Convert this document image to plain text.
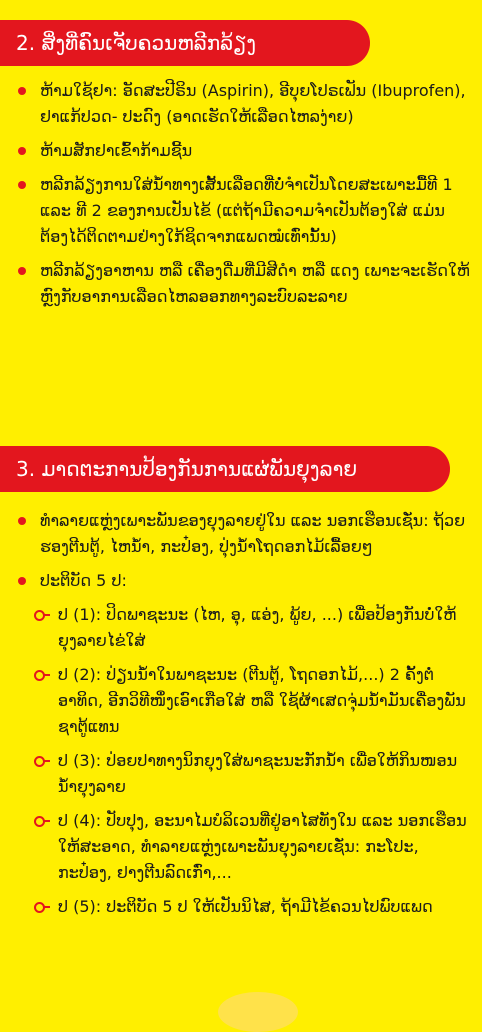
2. ສິ່ງທີ່ຄົນເຈັບຄວນຫລີກລ້ຽງ
ຫ້າມໃຊ້ຢາ: ອັດສະປີຣິນ (Aspirin), ອີບຸຍໂປຣເຟັນ (Ibuprofen), ຢາແກ້ປວດ- ປະດົງ (ອາດເຮັດໃຫ້ເລືອດໄຫລງ່າຍ)
ຫ້າມສັກຢາເຂົ້າກ້າມຊີ້ນ
ຫລີກລ້ຽງການໃສ່ນ້ຳທາງເສັ້ນເລືອດທີ່ບໍ່ຈຳເປັນໂດຍສະເພາະມື້ທີ 1 ແລະ ທີ 2 ຂອງການເປັນໄຂ້ (ແຕ່ຖ້າມີຄວາມຈຳເປັນຕ້ອງໃສ່ ແມ່ນຕ້ອງໄດ້ຕິດຕາມຢ່າງໃກ້ຊິດຈາກແພດໝໍເທົ່ານັ້ນ)
ຫລີກລ້ຽງອາຫານ ຫລື ເຄື່ອງດື່ມທີ່ມີສີດຳ ຫລື ແດງ ເພາະຈະເຮັດໃຫ້ຫຼົງກັບອາການເລືອດໄຫລອອກທາງລະບົບລະລາຍ
3. ມາດຕະການປ້ອງກັນການແຜ່ພັນຍຸງລາຍ
ທຳລາຍແຫຼ່ງເພາະພັນຂອງຍຸງລາຍຢູ່ໃນ ແລະ ນອກເຮືອນເຊັ່ນ: ຖ້ວຍຮອງຕີນຕູ້, ໄຫນ້ຳ, ກະປ໋ອງ, ປຸ່ງນ້ຳໂຖດອກໄມ້ເລື້ອຍໆ
ປະຕິບັດ 5 ປ:
ປ (1): ປິດພາຊະນະ (ໄຫ, ອຸ, ແອ່ງ, ພູ້ຍ, ...) ເພື່ອປ້ອງກັນບໍ່ໃຫ້ຍຸງລາຍໄຂ່ໃສ່
ປ (2): ປ່ຽນນ້ຳໃນພາຊະນະ (ຕີນຕູ້, ໂຖດອກໄມ້,...) 2 ຄັ້ງຕໍ່ອາທິດ, ອີກວິທີໜຶ່ງເອົາເກືອໃສ່ ຫລື ໃຊ້ຜ້າເສດຈຸ່ມນ້ຳມັນເຄື່ອງພັນຊາຕູ້ແທນ
ປ (3): ປ່ອຍປາທາງນິກຍຸງໃສ່ພາຊະນະກັກນ້ຳ ເພື່ອໃຫ້ກິນໜອນນ້ຳຍຸງລາຍ
ປ (4): ປັບປຸງ, ອະນາໄມບໍລິເວນທີ່ຢູ່ອາໄສທັງໃນ ແລະ ນອກເຮືອນໃຫ້ສະອາດ, ທຳລາຍແຫຼ່ງເພາະພັນຍຸງລາຍເຊັ່ນ: ກະໂປະ, ກະປ໋ອງ, ຢາງຕີນລົດເກົ່າ,...
ປ (5): ປະຕິບັດ 5 ປ ໃຫ້ເປັນນິໄສ, ຖ້າມີໄຂ້ຄວນໄປພົບແພດ
